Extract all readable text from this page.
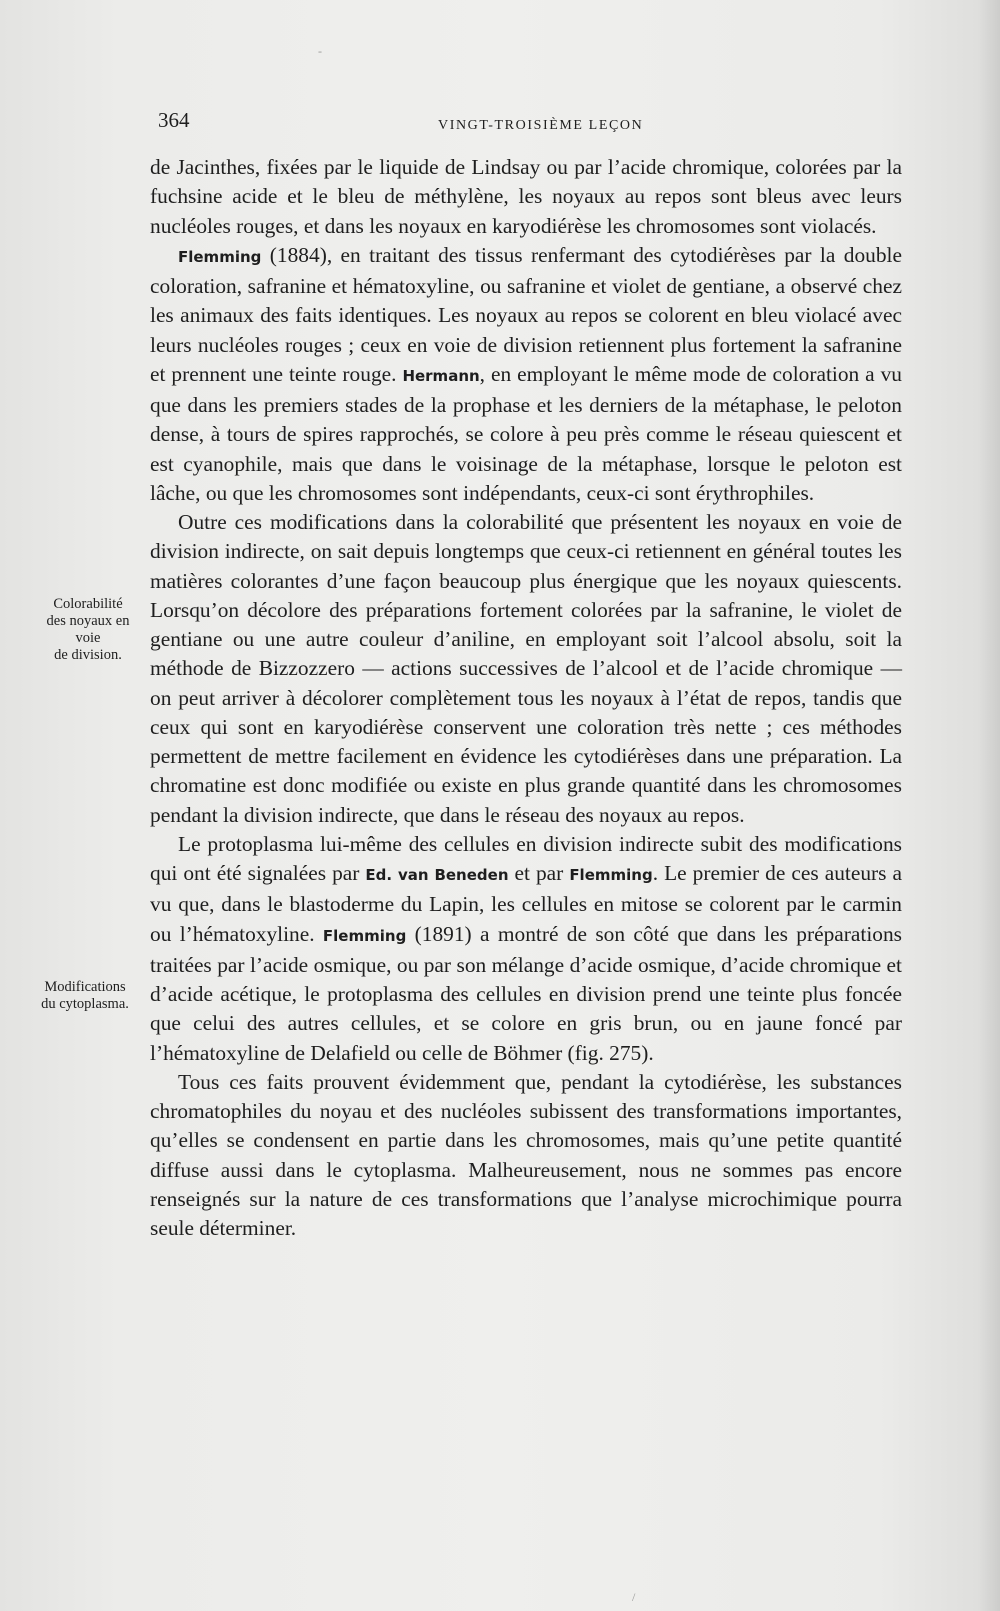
364	VINGT-TROISIÈME LEÇON
Colorabilité
des noyaux en
voie
de division.
Modifications
du cytoplasma.

de Jacinthes, fixées par le liquide de Lindsay ou par l’acide chromique, colorées par la fuchsine acide et le bleu de méthylène, les noyaux au repos sont bleus avec leurs nucléoles rouges, et dans les noyaux en karyodiérèse les chromosomes sont violacés.

Flemming (1884), en traitant des tissus renfermant des cytodiérèses par la double coloration, safranine et hématoxyline, ou safranine et violet de gentiane, a observé chez les animaux des faits identiques. Les noyaux au repos se colorent en bleu violacé avec leurs nucléoles rouges ; ceux en voie de division retiennent plus fortement la safranine et prennent une teinte rouge. Hermann, en employant le même mode de coloration a vu que dans les premiers stades de la prophase et les derniers de la métaphase, le peloton dense, à tours de spires rapprochés, se colore à peu près comme le réseau quiescent et est cyanophile, mais que dans le voisinage de la métaphase, lorsque le peloton est lâche, ou que les chromosomes sont indépendants, ceux-ci sont érythrophiles.

Outre ces modifications dans la colorabilité que présentent les noyaux en voie de division indirecte, on sait depuis longtemps que ceux-ci retiennent en général toutes les matières colorantes d’une façon beaucoup plus énergique que les noyaux quiescents. Lorsqu’on décolore des préparations fortement colorées par la safranine, le violet de gentiane ou une autre couleur d’aniline, en employant soit l’alcool absolu, soit la méthode de Bizzozzero — actions successives de l’alcool et de l’acide chromique — on peut arriver à décolorer complètement tous les noyaux à l’état de repos, tandis que ceux qui sont en karyodiérèse conservent une coloration très nette ; ces méthodes permettent de mettre facilement en évidence les cytodiérèses dans une préparation. La chromatine est donc modifiée ou existe en plus grande quantité dans les chromosomes pendant la division indirecte, que dans le réseau des noyaux au repos.

Le protoplasma lui-même des cellules en division indirecte subit des modifications qui ont été signalées par Ed. van Beneden et par Flemming. Le premier de ces auteurs a vu que, dans le blastoderme du Lapin, les cellules en mitose se colorent par le carmin ou l’hématoxyline. Flemming (1891) a montré de son côté que dans les préparations traitées par l’acide osmique, ou par son mélange d’acide osmique, d’acide chromique et d’acide acétique, le protoplasma des cellules en division prend une teinte plus foncée que celui des autres cellules, et se colore en gris brun, ou en jaune foncé par l’hématoxyline de Delafield ou celle de Böhmer (fig. 275).

Tous ces faits prouvent évidemment que, pendant la cytodiérèse, les substances chromatophiles du noyau et des nucléoles subissent des transformations importantes, qu’elles se condensent en partie dans les chromosomes, mais qu’une petite quantité diffuse aussi dans le cytoplasma. Malheureusement, nous ne sommes pas encore renseignés sur la nature de ces transformations que l’analyse microchimique pourra seule déterminer.

-
/
